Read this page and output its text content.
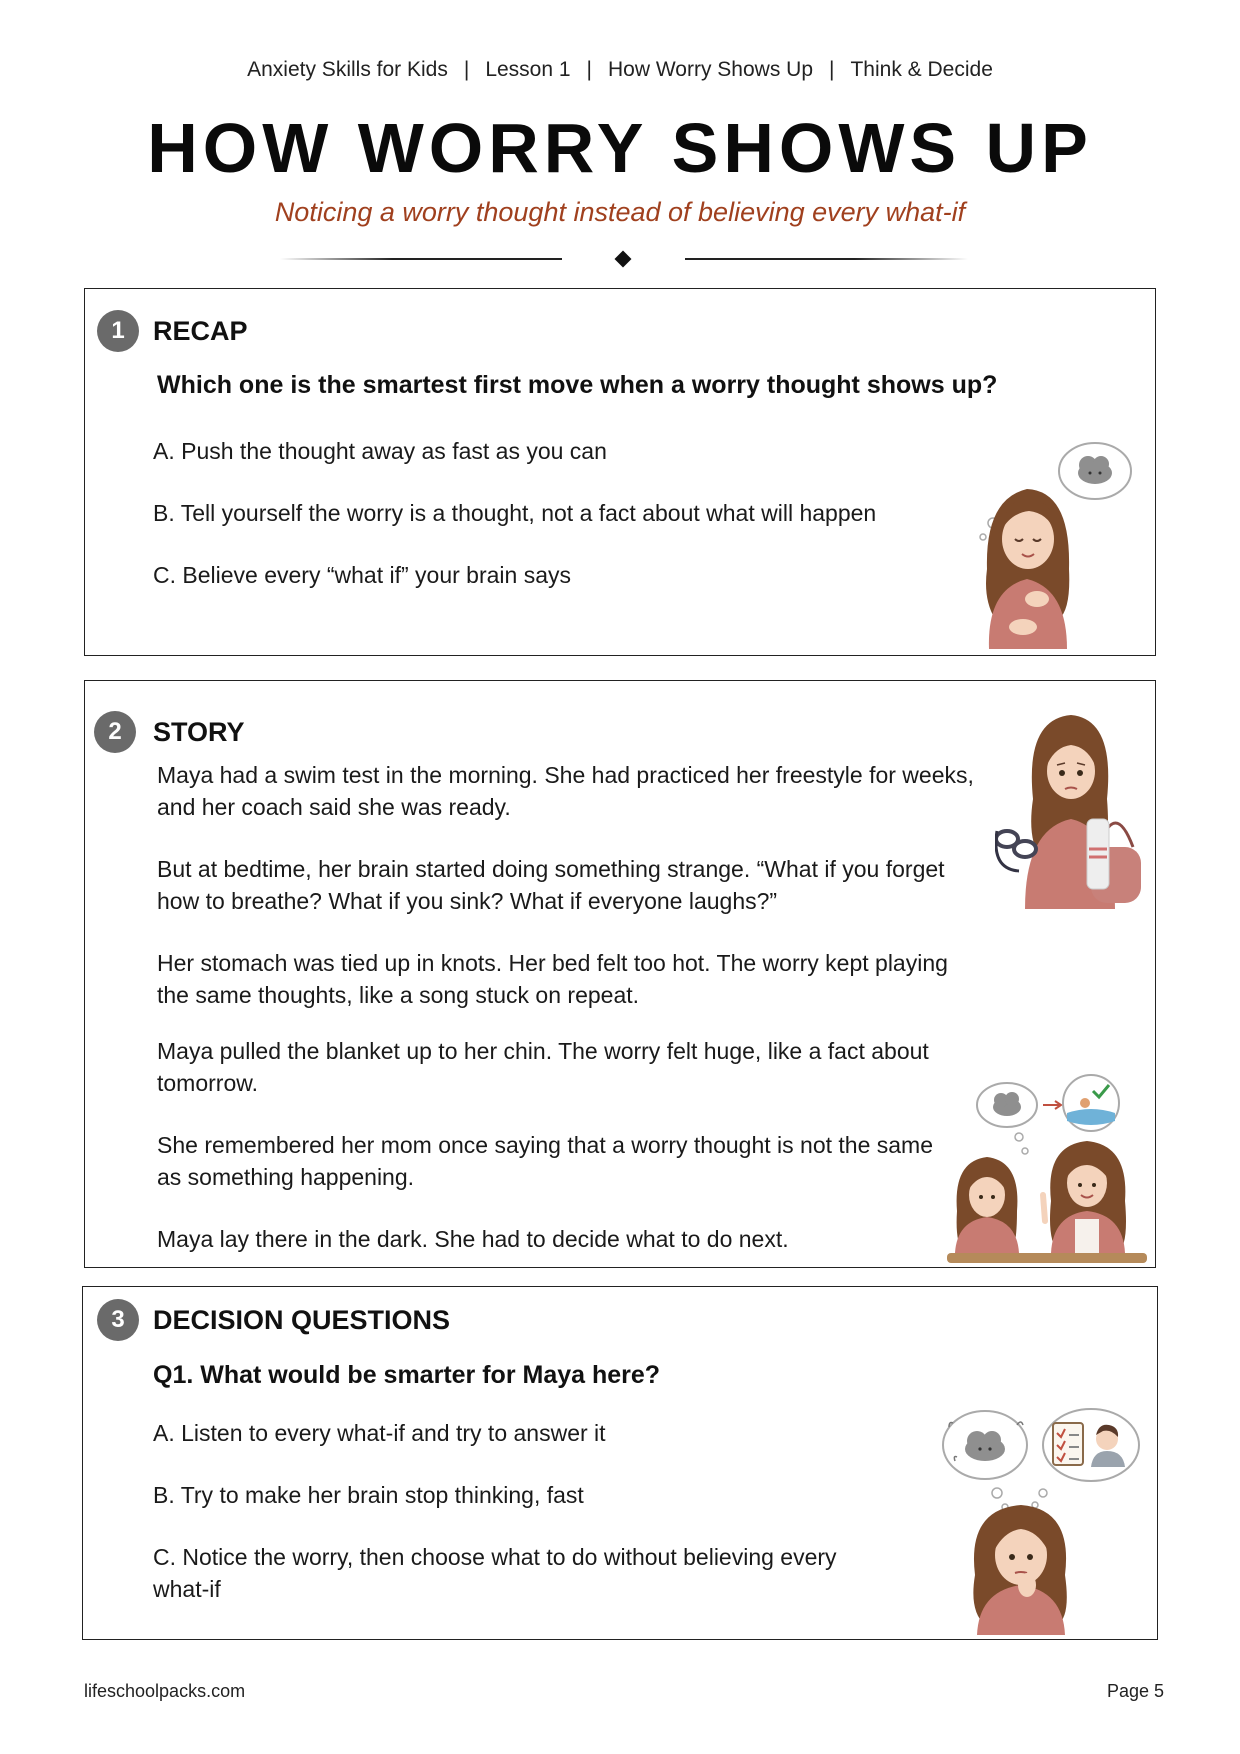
Anxiety Skills for Kids | Lesson 1 | How Worry Shows Up | Think & Decide
HOW WORRY SHOWS UP
Noticing a worry thought instead of believing every what-if
1	RECAP
Which one is the smartest first move when a worry thought shows up?
A. Push the thought away as fast as you can
B. Tell yourself the worry is a thought, not a fact about what will happen
C. Believe every “what if” your brain says
2	STORY
Maya had a swim test in the morning. She had practiced her freestyle for weeks,
and her coach said she was ready.
But at bedtime, her brain started doing something strange. “What if you forget
how to breathe? What if you sink? What if everyone laughs?”
Her stomach was tied up in knots. Her bed felt too hot. The worry kept playing
the same thoughts, like a song stuck on repeat.
Maya pulled the blanket up to her chin. The worry felt huge, like a fact about
tomorrow.
She remembered her mom once saying that a worry thought is not the same
as something happening.
Maya lay there in the dark. She had to decide what to do next.
3	DECISION QUESTIONS
Q1. What would be smarter for Maya here?
A. Listen to every what-if and try to answer it
B. Try to make her brain stop thinking, fast
C. Notice the worry, then choose what to do without believing every
what-if
lifeschoolpacks.com	Page 5
